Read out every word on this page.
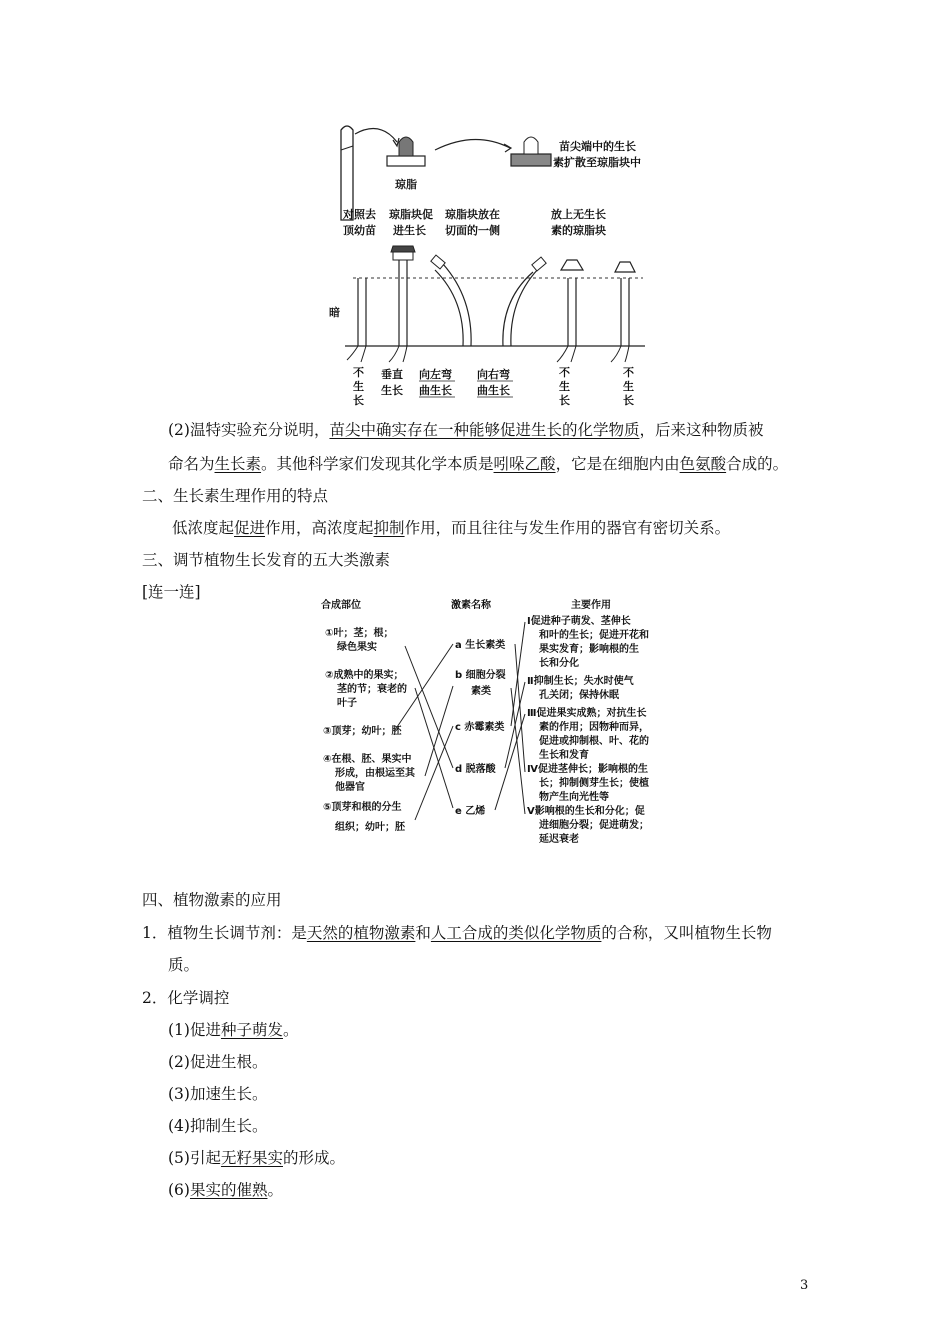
琼脂
苗尖端中的生长
素扩散至琼脂块中
对照去
顶幼苗
琼脂块促
进生长
琼脂块放在
切面的一侧
放上无生长
素的琼脂块
暗
不
生
长
垂直
生长
向左弯
曲生长
向右弯
曲生长
不
生
长
不
生
长
(2)温特实验充分说明，苗尖中确实存在一种能够促进生长的化学物质，后来这种物质被
命名为生长素。其他科学家们发现其化学本质是吲哚乙酸，它是在细胞内由色氨酸合成的。
二、生长素生理作用的特点
低浓度起促进作用，高浓度起抑制作用，而且往往与发生作用的器官有密切关系。
三、调节植物生长发育的五大类激素
[连一连]
合成部位	激素名称	主要作用
①叶；茎；根；
绿色果实
②成熟中的果实；
茎的节；衰老的
叶子
③顶芽；幼叶；胚
④在根、胚、果实中
形成，由根运至其
他器官
⑤顶芽和根的分生
组织；幼叶；胚
a 生长素类
b 细胞分裂
素类
c 赤霉素类
d 脱落酸
e 乙烯
Ⅰ促进种子萌发、茎伸长
和叶的生长；促进开花和
果实发育；影响根的生
长和分化
Ⅱ抑制生长；失水时使气
孔关闭；保持休眠
Ⅲ促进果实成熟；对抗生长
素的作用；因物种而异，
促进或抑制根、叶、花的
生长和发育
Ⅳ促进茎伸长；影响根的生
长；抑制侧芽生长；使植
物产生向光性等
Ⅴ影响根的生长和分化；促
进细胞分裂；促进萌发；
延迟衰老
四、植物激素的应用
1．植物生长调节剂：是天然的植物激素和人工合成的类似化学物质的合称，又叫植物生长物
质。
2．化学调控
(1)促进种子萌发。
(2)促进生根。
(3)加速生长。
(4)抑制生长。
(5)引起无籽果实的形成。
(6)果实的催熟。
3
